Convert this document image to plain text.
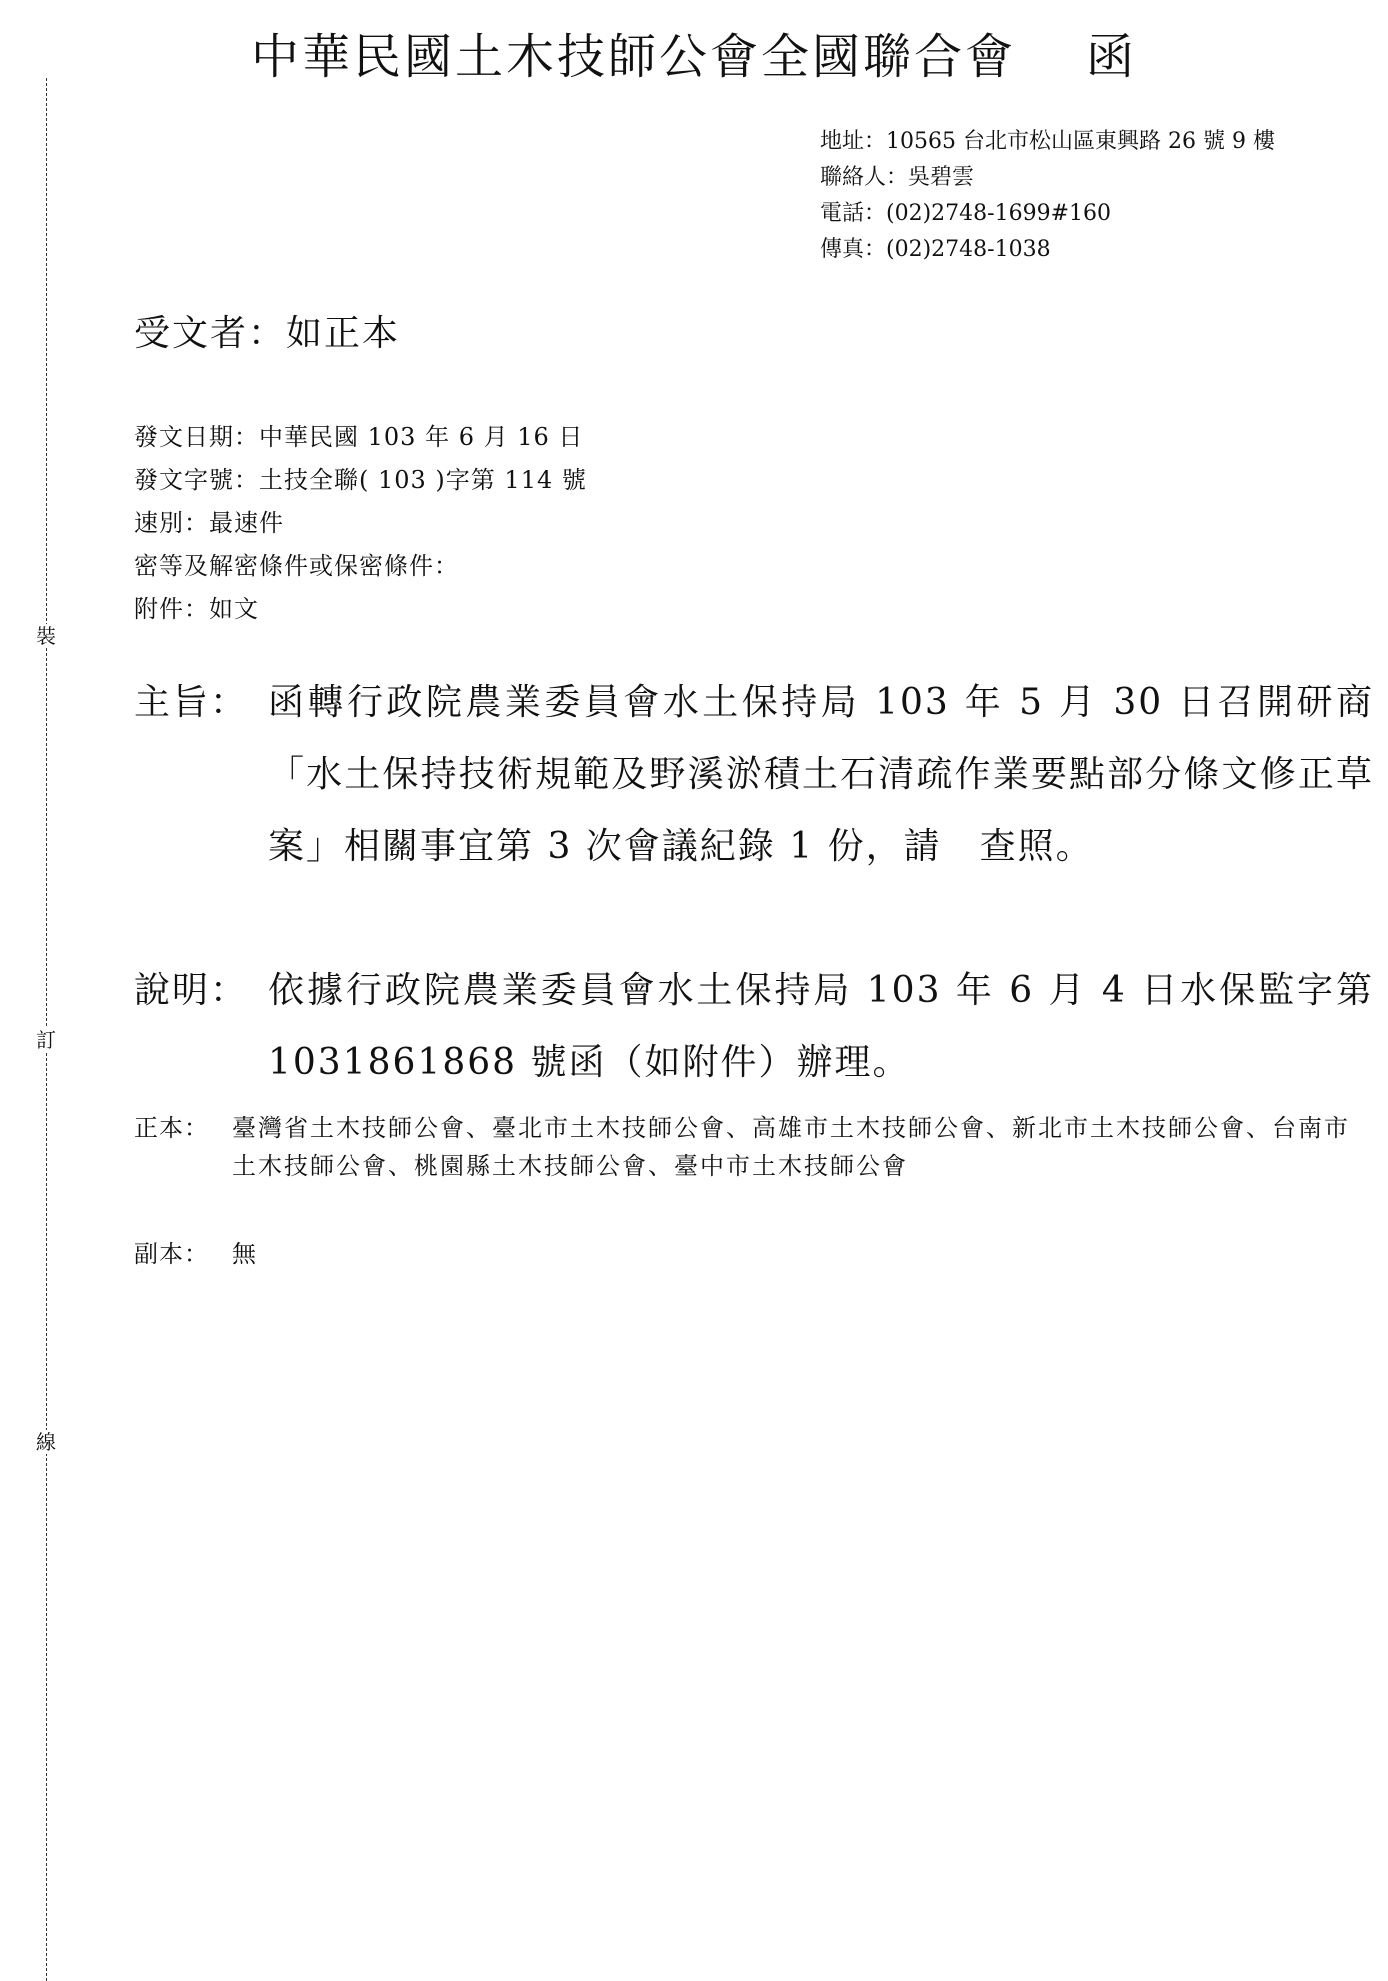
裝
訂
線
中華民國土木技師公會全國聯合會 函
地址：10565 台北市松山區東興路 26 號 9 樓
聯絡人：吳碧雲
電話：(02)2748-1699#160
傳真：(02)2748-1038
受文者：如正本
發文日期：中華民國 103 年 6 月 16 日
發文字號：土技全聯( 103 )字第 114 號
速別：最速件
密等及解密條件或保密條件：
附件：如文
主旨： 函轉行政院農業委員會水土保持局 103 年 5 月 30 日召開研商「水土保持技術規範及野溪淤積土石清疏作業要點部分條文修正草案」相關事宜第 3 次會議紀錄 1 份，請　查照。
說明： 依據行政院農業委員會水土保持局 103 年 6 月 4 日水保監字第 1031861868 號函（如附件）辦理。
正本： 臺灣省土木技師公會、臺北市土木技師公會、高雄市土木技師公會、新北市土木技師公會、台南市土木技師公會、桃園縣土木技師公會、臺中市土木技師公會
副本： 無
